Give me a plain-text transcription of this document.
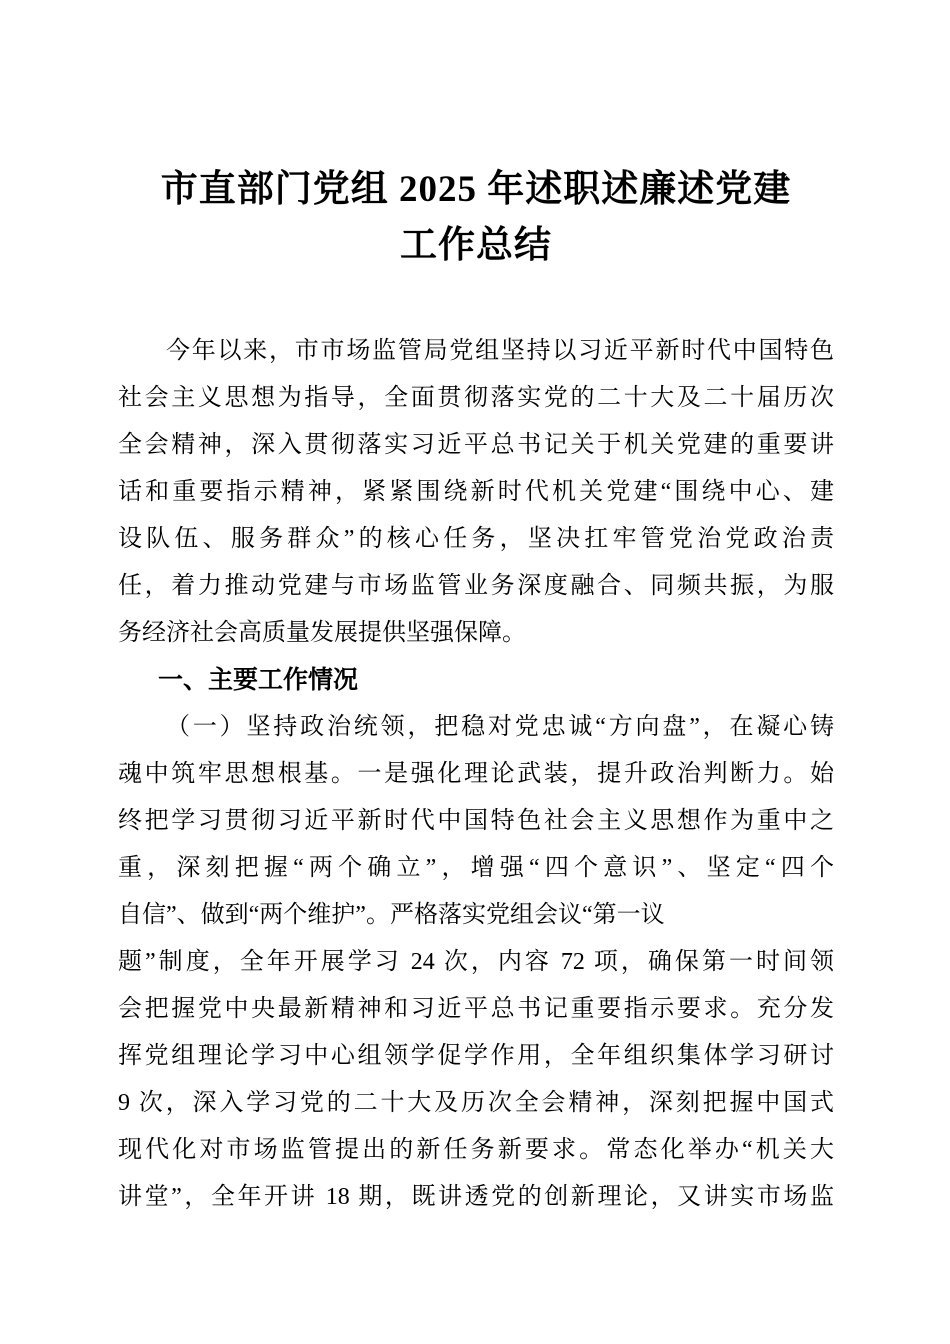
市直部门党组 2025 年述职述廉述党建
工作总结
今年以来，市市场监管局党组坚持以习近平新时代中国特色
社会主义思想为指导，全面贯彻落实党的二十大及二十届历次
全会精神，深入贯彻落实习近平总书记关于机关党建的重要讲
话和重要指示精神，紧紧围绕新时代机关党建“围绕中心、建
设队伍、服务群众”的核心任务，坚决扛牢管党治党政治责
任，着力推动党建与市场监管业务深度融合、同频共振，为服
务经济社会高质量发展提供坚强保障。
一、主要工作情况
（一）坚持政治统领，把稳对党忠诚“方向盘”，在凝心铸
魂中筑牢思想根基。一是强化理论武装，提升政治判断力。始
终把学习贯彻习近平新时代中国特色社会主义思想作为重中之
重，深刻把握“两个确立”，增强“四个意识”、坚定“四个
自信”、做到“两个维护”。严格落实党组会议“第一议
题”制度，全年开展学习 24 次，内容 72 项，确保第一时间领
会把握党中央最新精神和习近平总书记重要指示要求。充分发
挥党组理论学习中心组领学促学作用，全年组织集体学习研讨
9 次，深入学习党的二十大及历次全会精神，深刻把握中国式
现代化对市场监管提出的新任务新要求。常态化举办“机关大
讲堂”，全年开讲 18 期，既讲透党的创新理论，又讲实市场监
